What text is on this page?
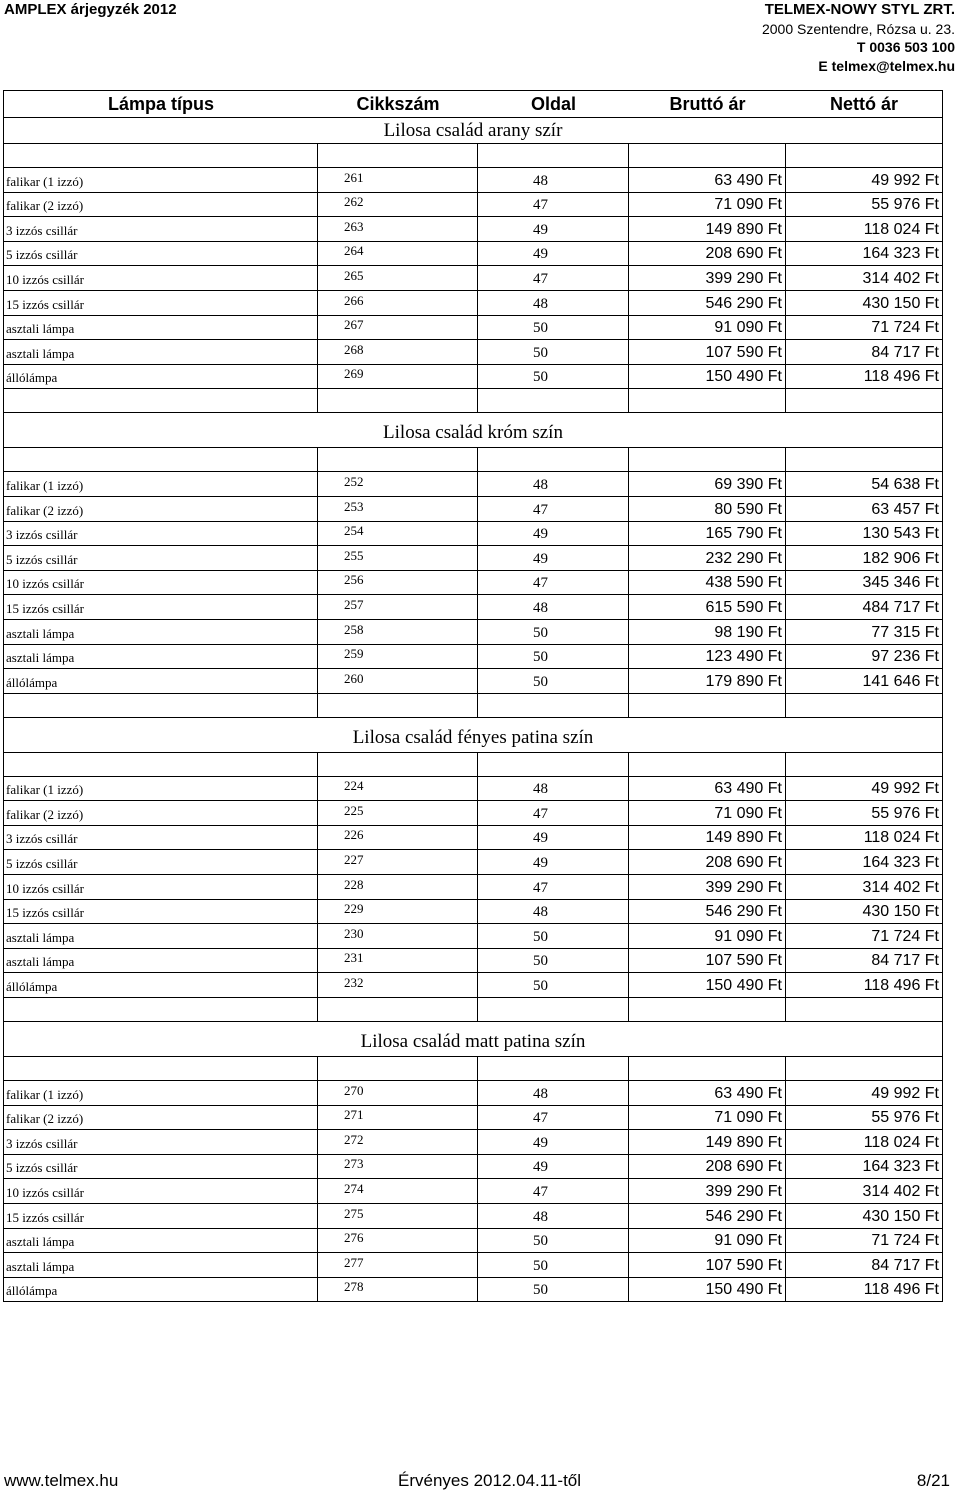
AMPLEX árjegyzék 2012	TELMEX-NOWY STYL ZRT.
2000 Szentendre, Rózsa u. 23.
T 0036 503 100
E telmex@telmex.hu
Lámpa típus	Cikkszám	Oldal	Bruttó ár	Nettó ár
Lilosa család arany szír
falikar (1 izzó)	261	48	63 490 Ft	49 992 Ft
falikar (2 izzó)	262	47	71 090 Ft	55 976 Ft
3 izzós csillár	263	49	149 890 Ft	118 024 Ft
5 izzós csillár	264	49	208 690 Ft	164 323 Ft
10 izzós csillár	265	47	399 290 Ft	314 402 Ft
15 izzós csillár	266	48	546 290 Ft	430 150 Ft
asztali lámpa	267	50	91 090 Ft	71 724 Ft
asztali lámpa	268	50	107 590 Ft	84 717 Ft
állólámpa	269	50	150 490 Ft	118 496 Ft
Lilosa család króm szín
falikar (1 izzó)	252	48	69 390 Ft	54 638 Ft
falikar (2 izzó)	253	47	80 590 Ft	63 457 Ft
3 izzós csillár	254	49	165 790 Ft	130 543 Ft
5 izzós csillár	255	49	232 290 Ft	182 906 Ft
10 izzós csillár	256	47	438 590 Ft	345 346 Ft
15 izzós csillár	257	48	615 590 Ft	484 717 Ft
asztali lámpa	258	50	98 190 Ft	77 315 Ft
asztali lámpa	259	50	123 490 Ft	97 236 Ft
állólámpa	260	50	179 890 Ft	141 646 Ft
Lilosa család fényes patina szín
falikar (1 izzó)	224	48	63 490 Ft	49 992 Ft
falikar (2 izzó)	225	47	71 090 Ft	55 976 Ft
3 izzós csillár	226	49	149 890 Ft	118 024 Ft
5 izzós csillár	227	49	208 690 Ft	164 323 Ft
10 izzós csillár	228	47	399 290 Ft	314 402 Ft
15 izzós csillár	229	48	546 290 Ft	430 150 Ft
asztali lámpa	230	50	91 090 Ft	71 724 Ft
asztali lámpa	231	50	107 590 Ft	84 717 Ft
állólámpa	232	50	150 490 Ft	118 496 Ft
Lilosa család matt patina szín
falikar (1 izzó)	270	48	63 490 Ft	49 992 Ft
falikar (2 izzó)	271	47	71 090 Ft	55 976 Ft
3 izzós csillár	272	49	149 890 Ft	118 024 Ft
5 izzós csillár	273	49	208 690 Ft	164 323 Ft
10 izzós csillár	274	47	399 290 Ft	314 402 Ft
15 izzós csillár	275	48	546 290 Ft	430 150 Ft
asztali lámpa	276	50	91 090 Ft	71 724 Ft
asztali lámpa	277	50	107 590 Ft	84 717 Ft
állólámpa	278	50	150 490 Ft	118 496 Ft
www.telmex.hu	Érvényes 2012.04.11-től	8/21
